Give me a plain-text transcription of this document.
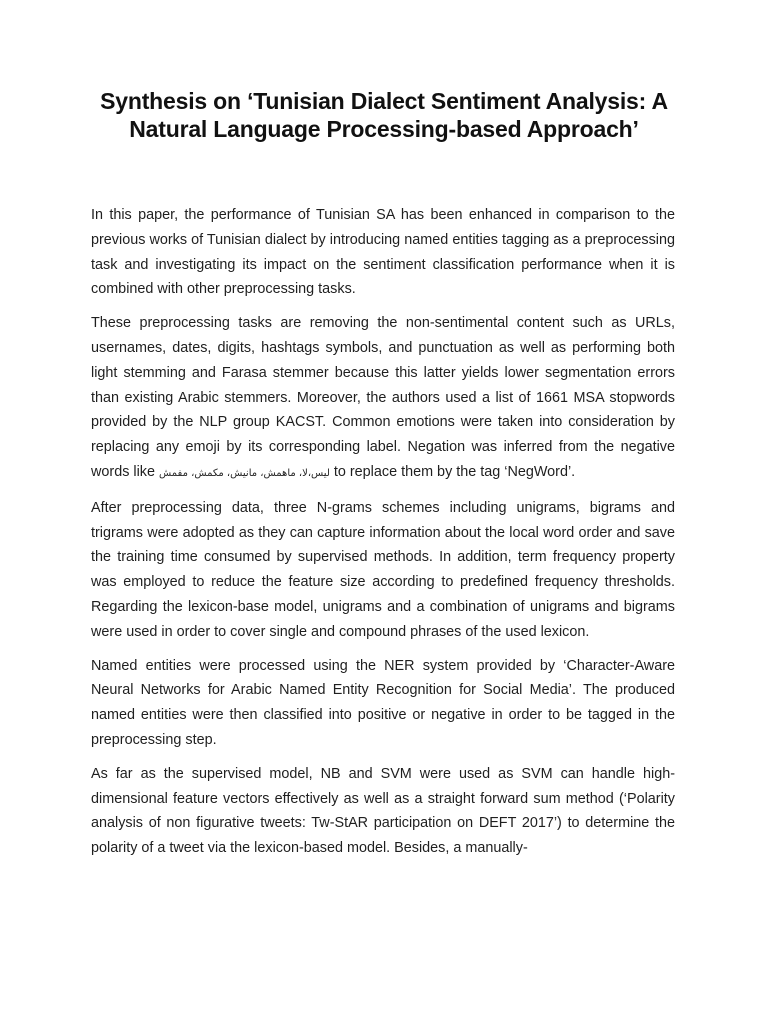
Synthesis on ‘Tunisian Dialect Sentiment Analysis: A Natural Language Processing-based Approach’

In this paper, the performance of Tunisian SA has been enhanced in comparison to the previous works of Tunisian dialect by introducing named entities tagging as a preprocessing task and investigating its impact on the sentiment classification performance when it is combined with other preprocessing tasks.

These preprocessing tasks are removing the non-sentimental content such as URLs, usernames, dates, digits, hashtags symbols, and punctuation as well as performing both light stemming and Farasa stemmer because this latter yields lower segmentation errors than existing Arabic stemmers. Moreover, the authors used a list of 1661 MSA stopwords provided by the NLP group KACST. Common emotions were taken into consideration by replacing any emoji by its corresponding label. Negation was inferred from the negative words like ليس،لا، ماهمش، مانيش، مكمش، مفمش to replace them by the tag ‘NegWord’.

After preprocessing data, three N-grams schemes including unigrams, bigrams and trigrams were adopted as they can capture information about the local word order and save the training time consumed by supervised methods. In addition, term frequency property was employed to reduce the feature size according to predefined frequency thresholds. Regarding the lexicon-base model, unigrams and a combination of unigrams and bigrams were used in order to cover single and compound phrases of the used lexicon.

Named entities were processed using the NER system provided by ‘Character-Aware Neural Networks for Arabic Named Entity Recognition for Social Media’. The produced named entities were then classified into positive or negative in order to be tagged in the preprocessing step.

As far as the supervised model, NB and SVM were used as SVM can handle high-dimensional feature vectors effectively as well as a straight forward sum method (‘Polarity analysis of non figurative tweets: Tw-StAR participation on DEFT 2017’) to determine the polarity of a tweet via the lexicon-based model. Besides, a manually-
